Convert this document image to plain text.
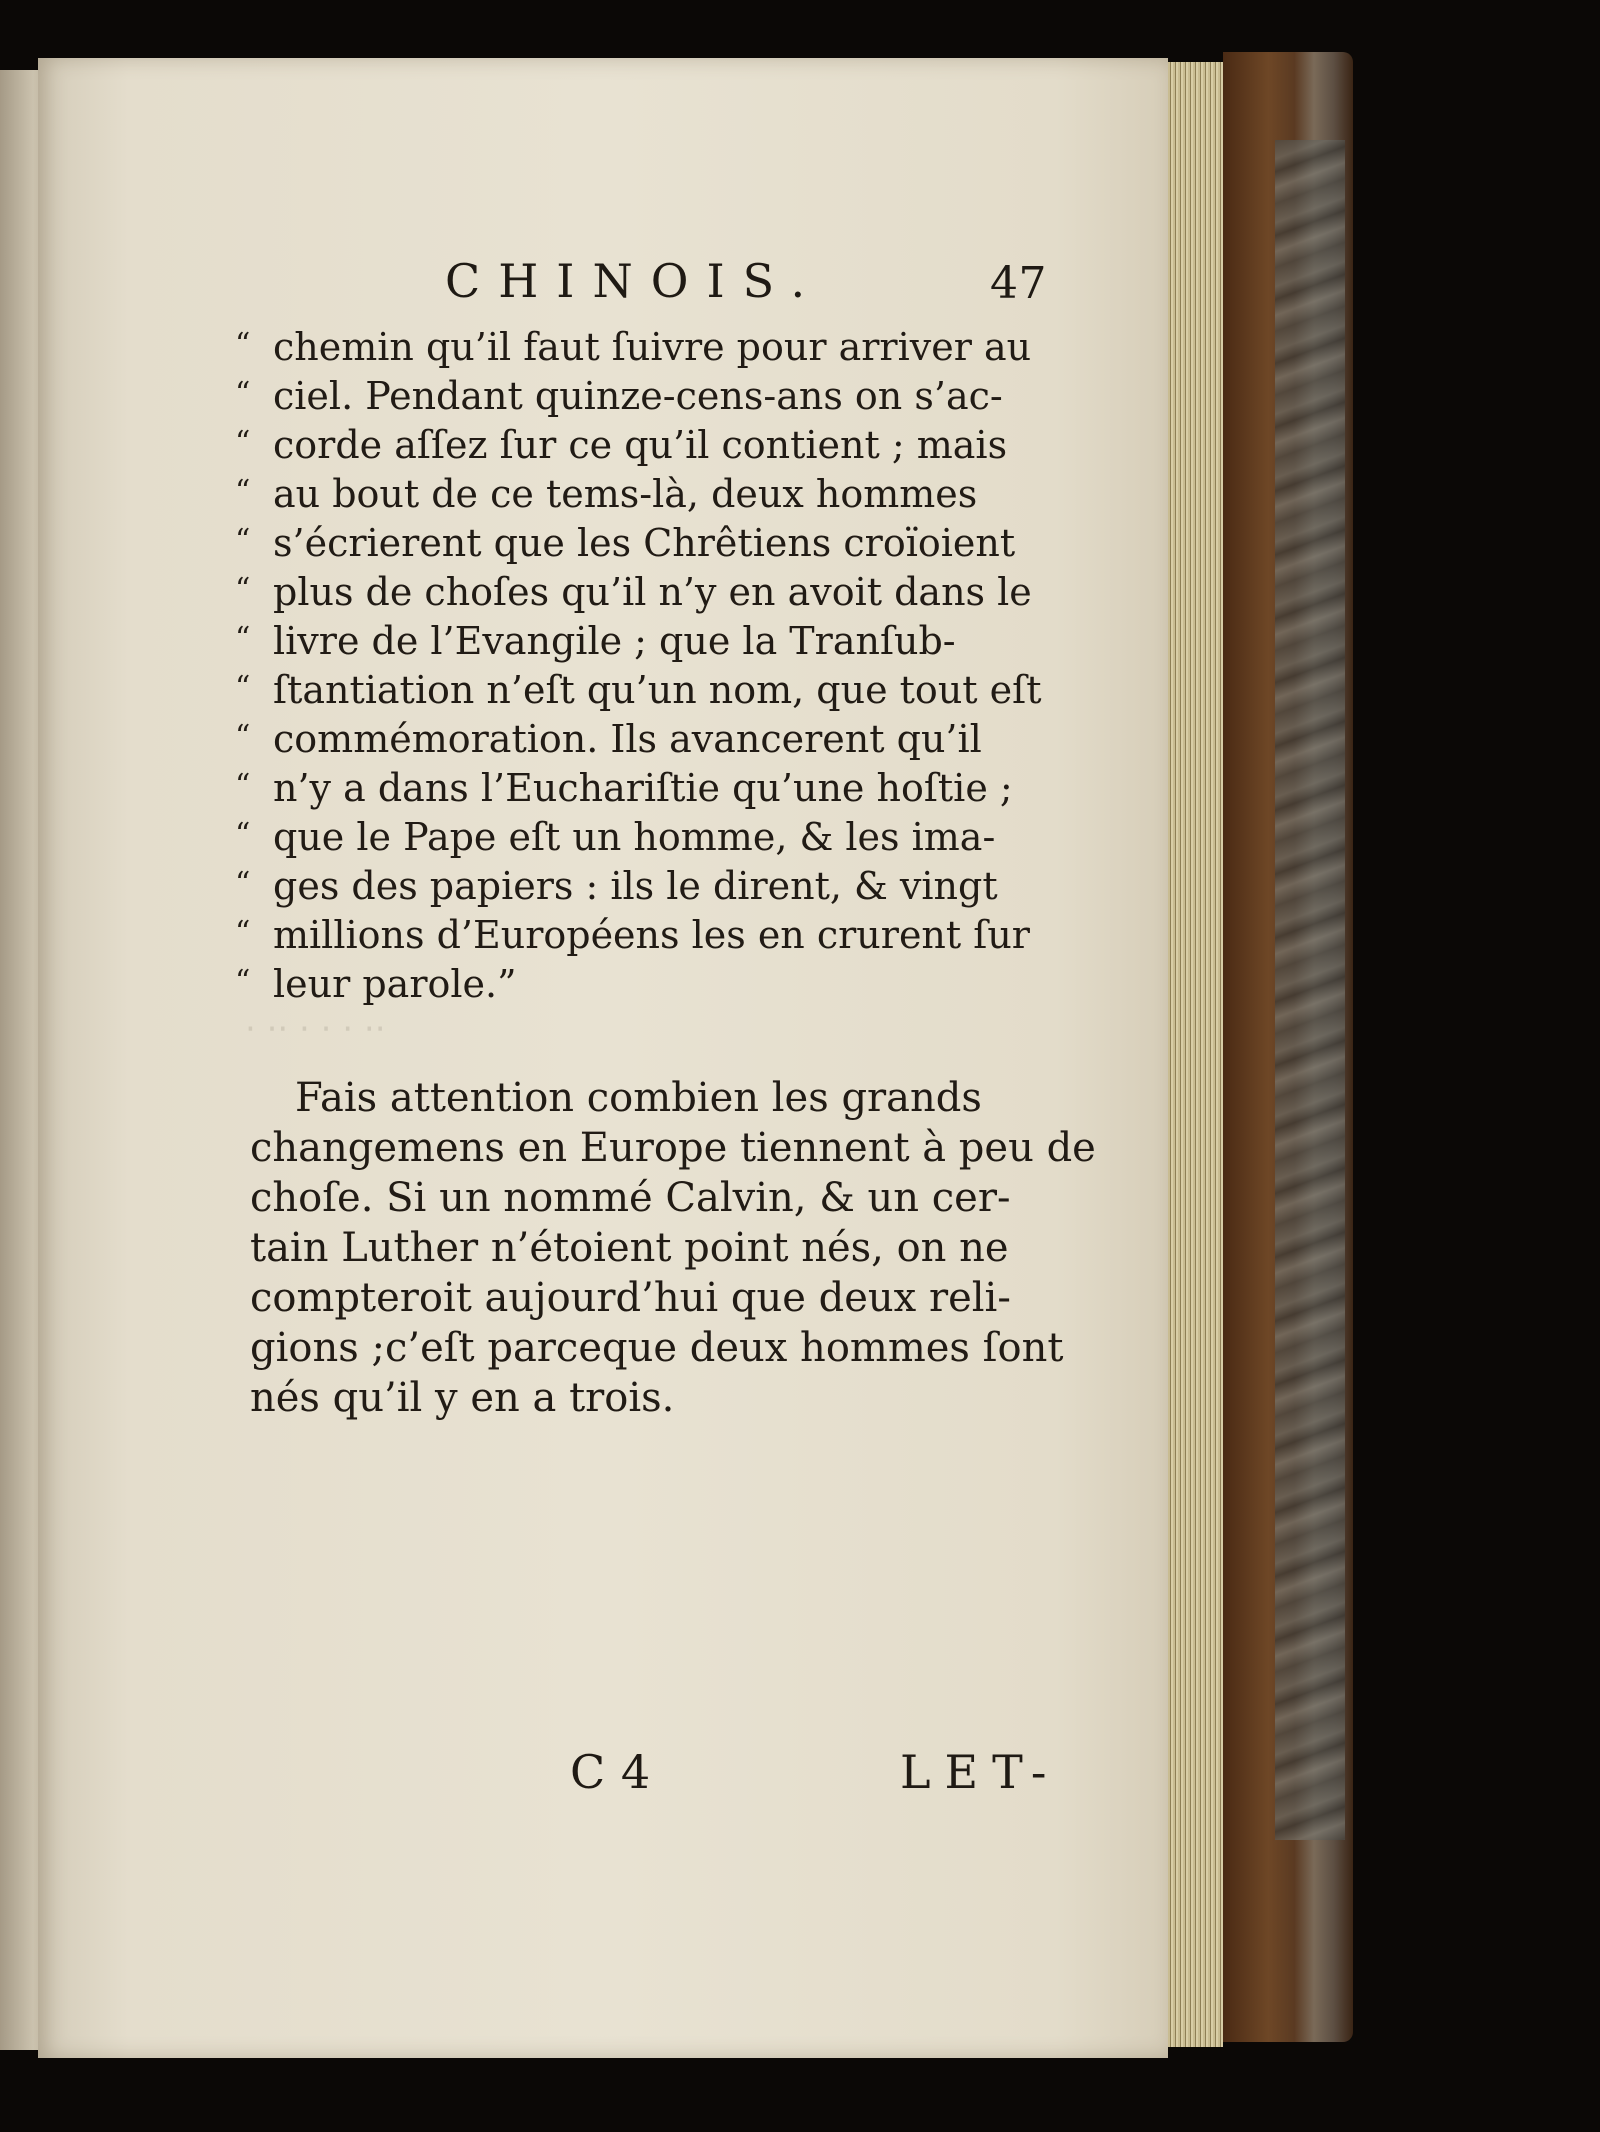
‧ ‧‧ ‧ ‧ ‧ ‧‧
CHINOIS.	47
“ chemin qu’il faut ſuivre pour arriver au
“ ciel. Pendant quinze-cens-ans on s’ac-
“ corde aſſez ſur ce qu’il contient ; mais
“ au bout de ce tems-là, deux hommes
“ s’écrierent que les Chrêtiens croïoient
“ plus de choſes qu’il n’y en avoit dans le
“ livre de l’Evangile ; que la Tranſub-
“ ſtantiation n’eſt qu’un nom, que tout eſt
“ commémoration. Ils avancerent qu’il
“ n’y a dans l’Euchariſtie qu’une hoſtie ;
“ que le Pape eſt un homme, & les ima-
“ ges des papiers : ils le dirent, & vingt
“ millions d’Européens les en crurent ſur
“ leur parole.”
Fais attention combien les grands
changemens en Europe tiennent à peu de
choſe. Si un nommé Calvin, & un cer-
tain Luther n’étoient point nés, on ne
compteroit aujourd’hui que deux reli-
gions ;c’eſt parceque deux hommes ſont
nés qu’il y en a trois.
C 4	LET-
